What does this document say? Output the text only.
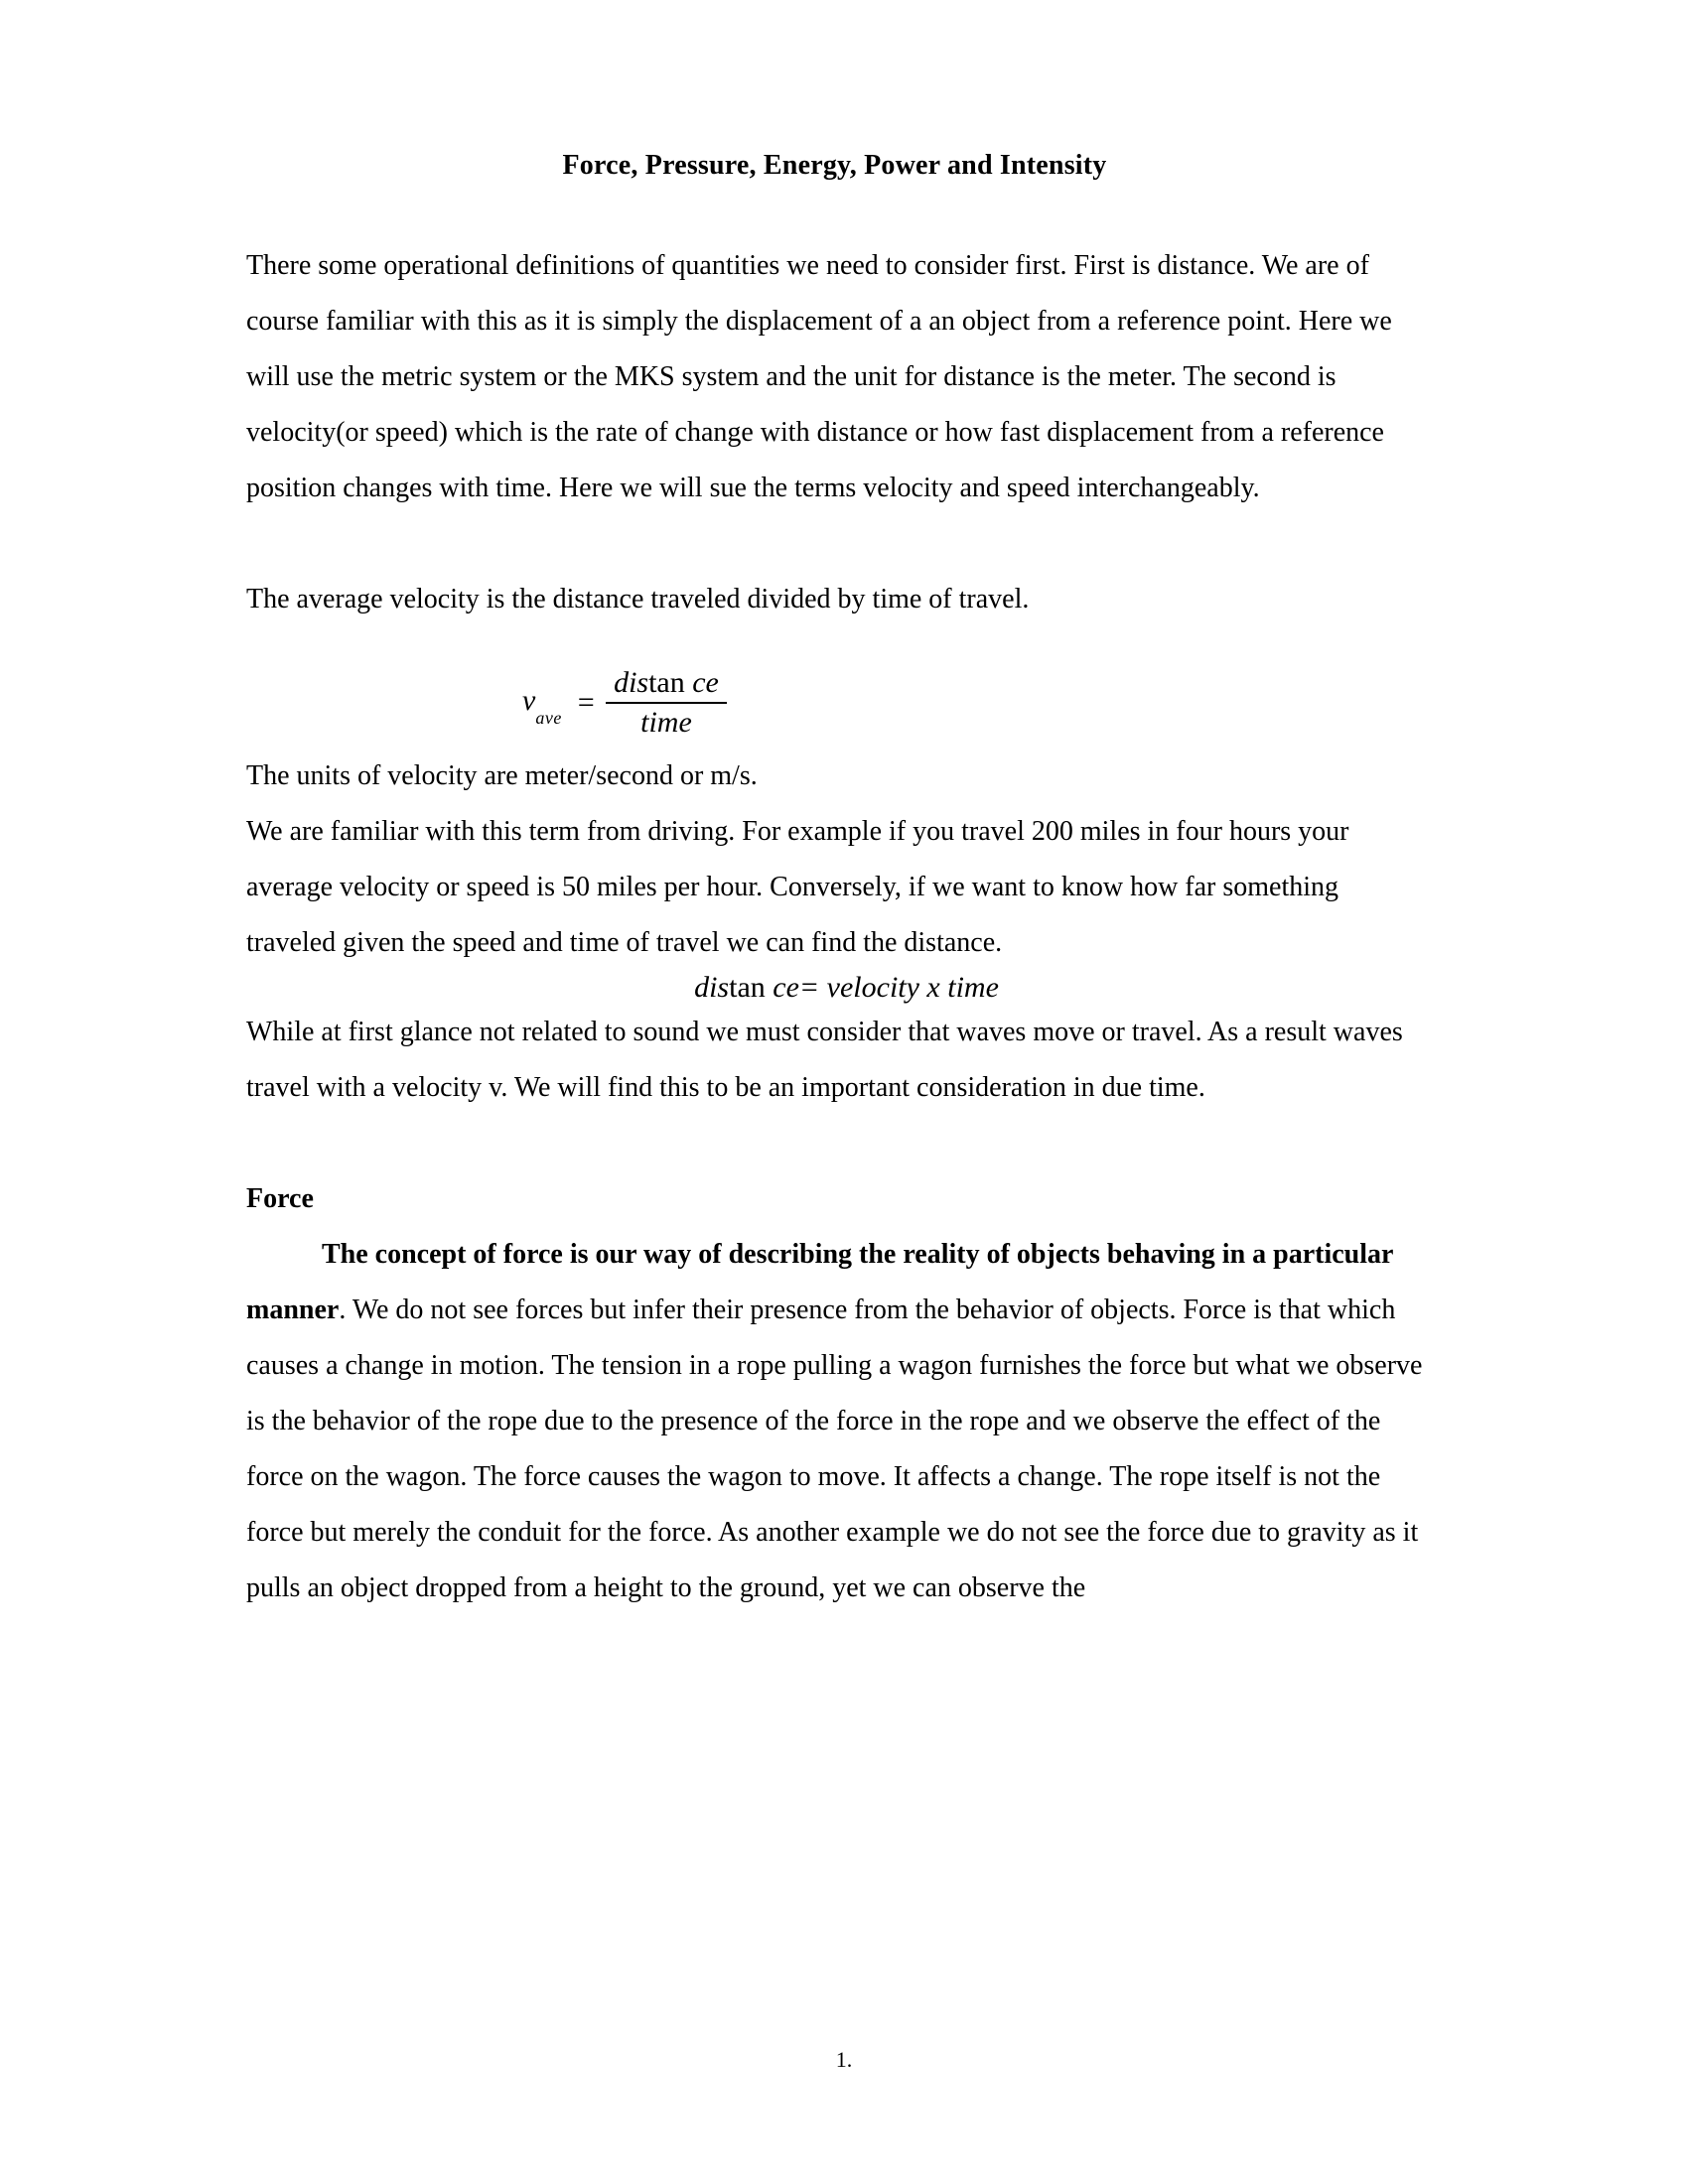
Force, Pressure, Energy, Power and Intensity

There some operational definitions of quantities we need to consider first. First is distance. We are of course familiar with this as it is simply the displacement of a an object from a reference point. Here we will use the metric system or the MKS system and the unit for distance is the meter. The second is velocity(or speed) which is the rate of change with distance or how fast displacement from a reference position changes with time. Here we will sue the terms velocity and speed interchangeably.

The average velocity is the distance traveled divided by time of travel.

$v_{ave} = \frac{\text{distan ce}}{\text{time}}$

The units of velocity are meter/second or m/s.

We are familiar with this term from driving. For example if you travel 200 miles in four hours your average velocity or speed is 50 miles per hour. Conversely, if we want to know how far something traveled given the speed and time of travel we can find the distance.

distan ce= velocity x time

While at first glance not related to sound we must consider that waves move or travel. As a result waves travel with a velocity v. We will find this to be an important consideration in due time.

Force

The concept of force is our way of describing the reality of objects behaving in a particular manner. We do not see forces but infer their presence from the behavior of objects. Force is that which causes a change in motion. The tension in a rope pulling a wagon furnishes the force but what we observe is the behavior of the rope due to the presence of the force in the rope and we observe the effect of the force on the wagon. The force causes the wagon to move. It affects a change. The rope itself is not the force but merely the conduit for the force. As another example we do not see the force due to gravity as it pulls an object dropped from a height to the ground, yet we can observe the

1.
